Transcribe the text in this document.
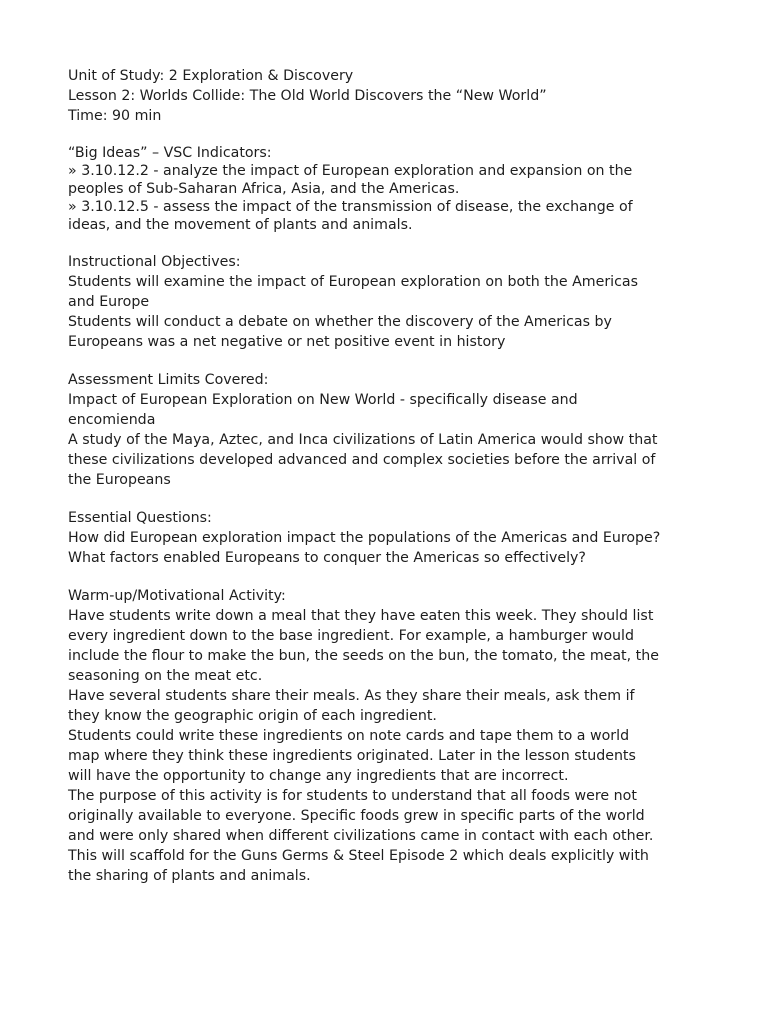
Unit of Study: 2 Exploration & Discovery
Lesson 2: Worlds Collide: The Old World Discovers the “New World”
Time: 90 min
“Big Ideas” – VSC Indicators:
» 3.10.12.2 - analyze the impact of European exploration and expansion on the
peoples of Sub-Saharan Africa, Asia, and the Americas.
» 3.10.12.5 - assess the impact of the transmission of disease, the exchange of
ideas, and the movement of plants and animals.
Instructional Objectives:
Students will examine the impact of European exploration on both the Americas
and Europe
Students will conduct a debate on whether the discovery of the Americas by
Europeans was a net negative or net positive event in history
Assessment Limits Covered:
Impact of European Exploration on New World - specifically disease and
encomienda
A study of the Maya, Aztec, and Inca civilizations of Latin America would show that
these civilizations developed advanced and complex societies before the arrival of
the Europeans
Essential Questions:
How did European exploration impact the populations of the Americas and Europe?
What factors enabled Europeans to conquer the Americas so effectively?
Warm-up/Motivational Activity:
Have students write down a meal that they have eaten this week. They should list
every ingredient down to the base ingredient. For example, a hamburger would
include the flour to make the bun, the seeds on the bun, the tomato, the meat, the
seasoning on the meat etc.
Have several students share their meals. As they share their meals, ask them if
they know the geographic origin of each ingredient.
Students could write these ingredients on note cards and tape them to a world
map where they think these ingredients originated. Later in the lesson students
will have the opportunity to change any ingredients that are incorrect.
The purpose of this activity is for students to understand that all foods were not
originally available to everyone. Specific foods grew in specific parts of the world
and were only shared when different civilizations came in contact with each other.
This will scaffold for the Guns Germs & Steel Episode 2 which deals explicitly with
the sharing of plants and animals.
